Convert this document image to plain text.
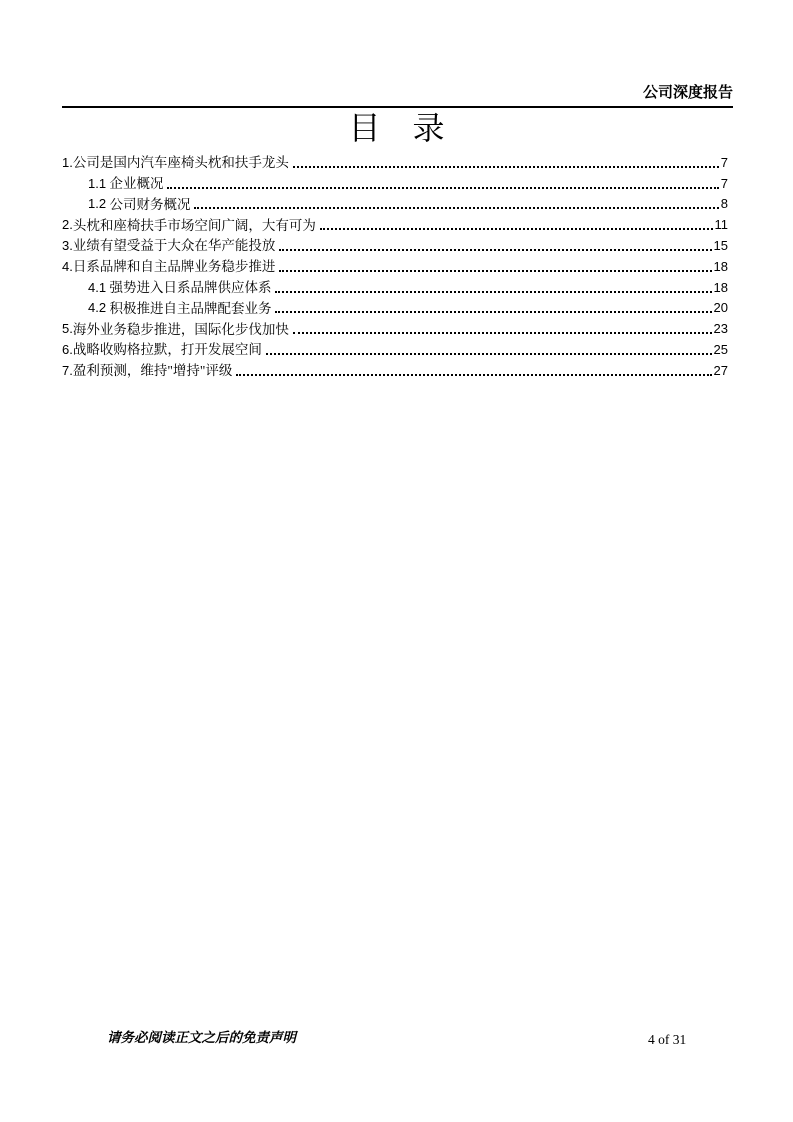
公司深度报告
目　录
1. 公司是国内汽车座椅头枕和扶手龙头	7
1.1 企业概况	7
1.2 公司财务概况	8
2. 头枕和座椅扶手市场空间广阔，大有可为	11
3. 业绩有望受益于大众在华产能投放	15
4. 日系品牌和自主品牌业务稳步推进	18
4.1 强势进入日系品牌供应体系	18
4.2 积极推进自主品牌配套业务	20
5. 海外业务稳步推进，国际化步伐加快	23
6. 战略收购格拉默，打开发展空间	25
7. 盈利预测，维持"增持"评级	27
请务必阅读正文之后的免责声明	4 of 31
